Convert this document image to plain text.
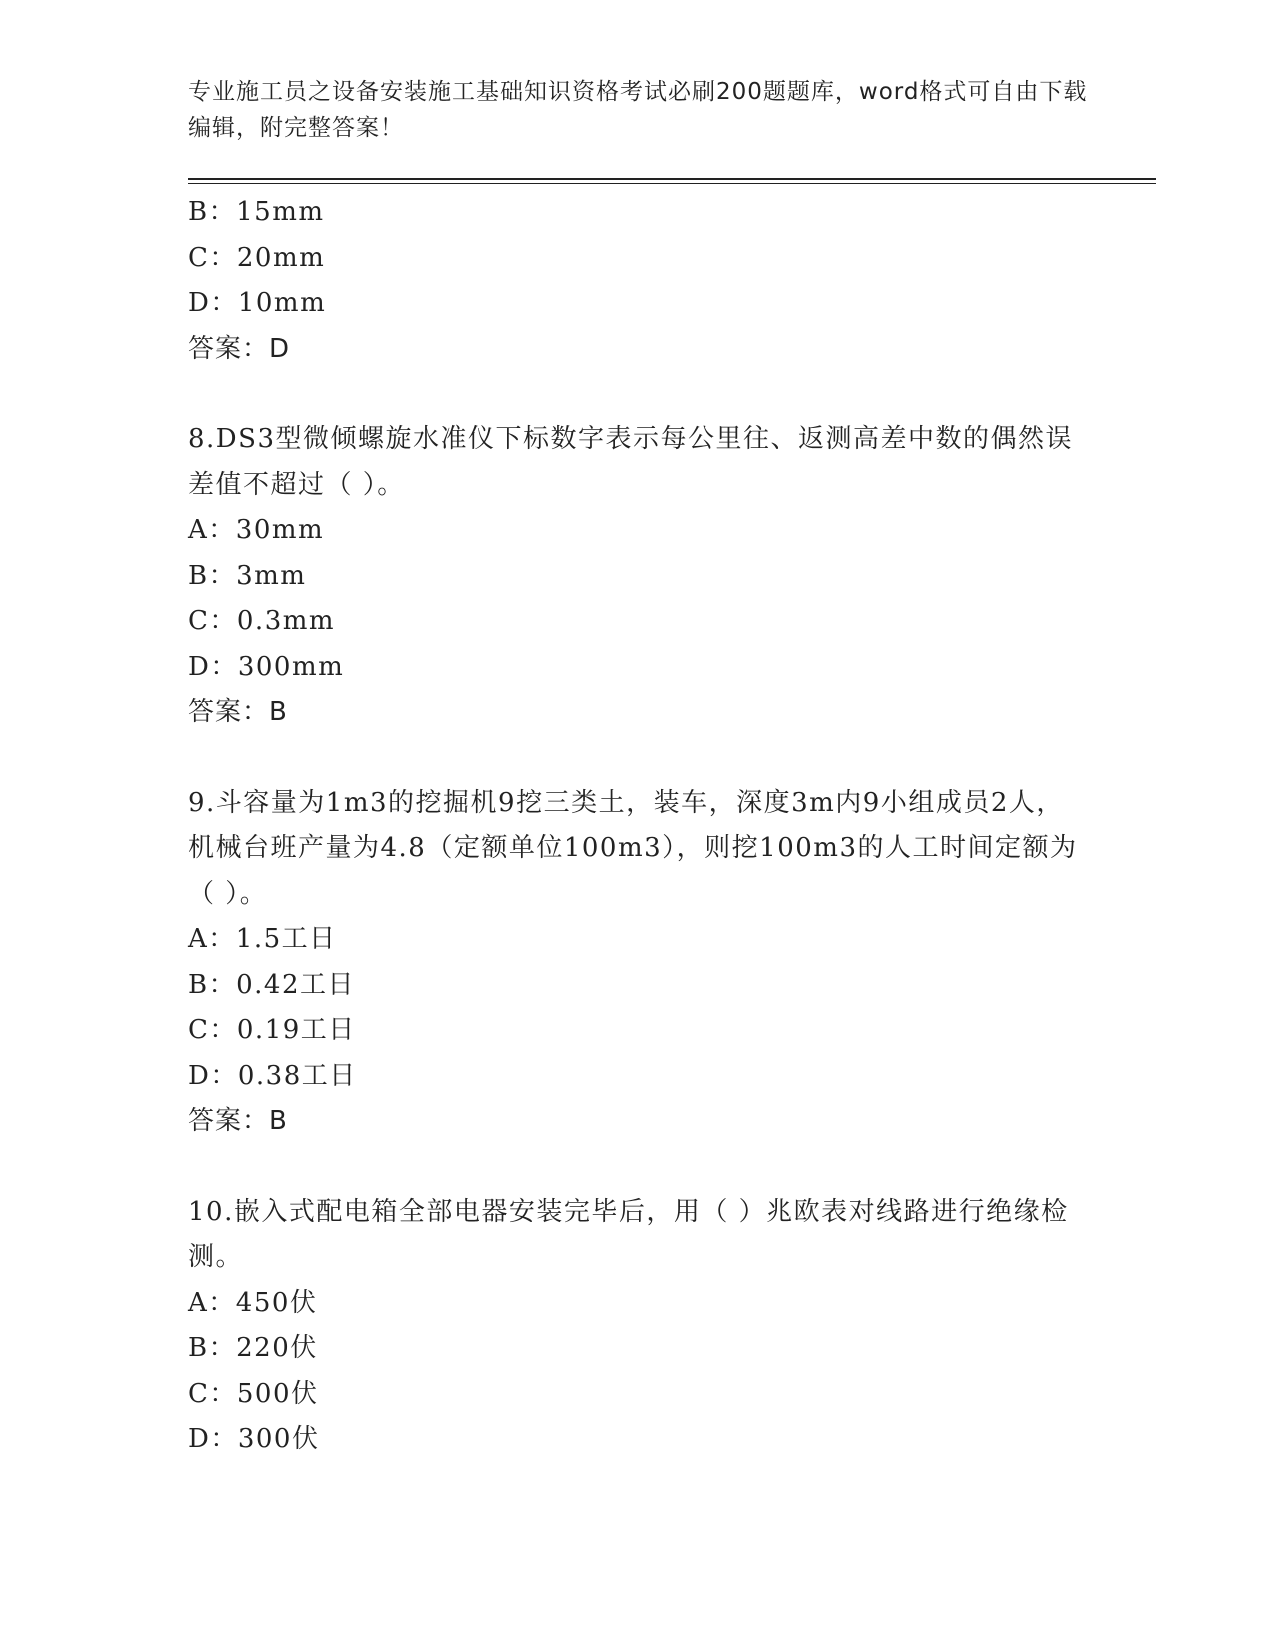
专业施工员之设备安装施工基础知识资格考试必刷200题题库，word格式可自由下载编辑，附完整答案！
B：15mm
C：20mm
D：10mm
答案：D
8.DS3型微倾螺旋水准仪下标数字表示每公里往、返测高差中数的偶然误差值不超过（ ）。
A：30mm
B：3mm
C：0.3mm
D：300mm
答案：B
9.斗容量为1m3的挖掘机9挖三类土，装车，深度3m内9小组成员2人，机械台班产量为4.8（定额单位100m3），则挖100m3的人工时间定额为（ ）。
A：1.5工日
B：0.42工日
C：0.19工日
D：0.38工日
答案：B
10.嵌入式配电箱全部电器安装完毕后，用（ ）兆欧表对线路进行绝缘检测。
A：450伏
B：220伏
C：500伏
D：300伏
